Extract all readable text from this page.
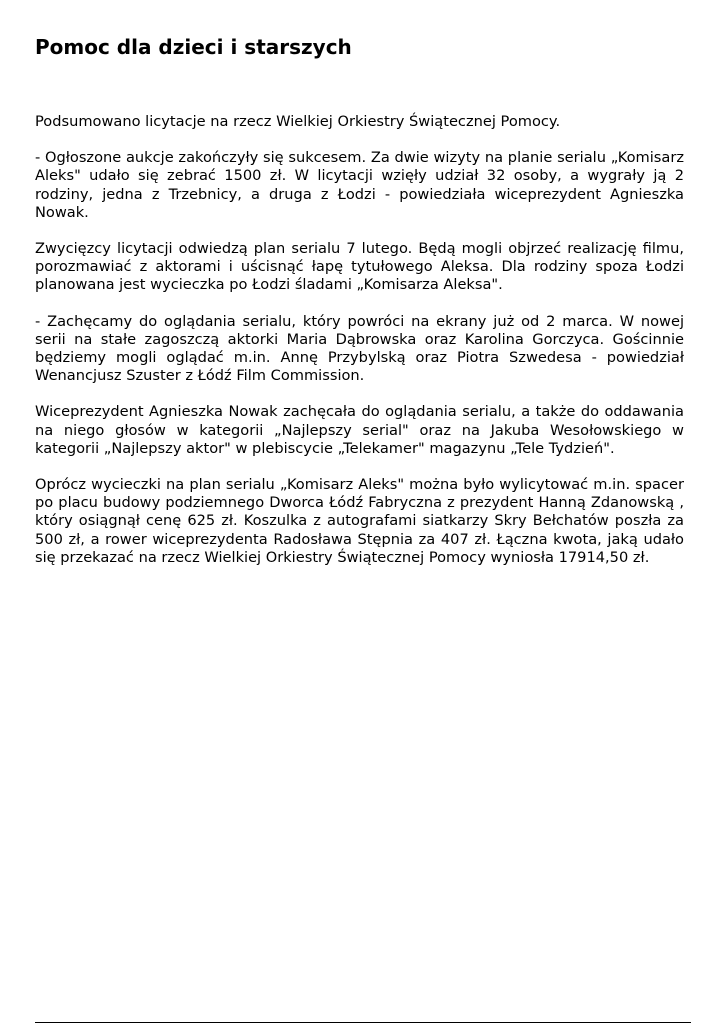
Pomoc dla dzieci i starszych

Podsumowano licytacje na rzecz Wielkiej Orkiestry Świątecznej Pomocy.

- Ogłoszone aukcje zakończyły się sukcesem. Za dwie wizyty na planie serialu „Komisarz Aleks" udało się zebrać 1500 zł. W licytacji wzięły udział 32 osoby, a wygrały ją 2 rodziny, jedna z Trzebnicy, a druga z Łodzi - powiedziała wiceprezydent Agnieszka Nowak.

Zwycięzcy licytacji odwiedzą plan serialu 7 lutego. Będą mogli objrzeć realizację filmu, porozmawiać z aktorami i uścisnąć łapę tytułowego Aleksa. Dla rodziny spoza Łodzi planowana jest wycieczka po Łodzi śladami „Komisarza Aleksa".

- Zachęcamy do oglądania serialu, który powróci na ekrany już od 2 marca. W nowej serii na stałe zagoszczą aktorki Maria Dąbrowska oraz Karolina Gorczyca. Gościnnie będziemy mogli oglądać m.in. Annę Przybylską oraz Piotra Szwedesa - powiedział Wenancjusz Szuster z Łódź Film Commission.

Wiceprezydent Agnieszka Nowak zachęcała do oglądania serialu, a także do oddawania na niego głosów w kategorii „Najlepszy serial" oraz na Jakuba Wesołowskiego w kategorii „Najlepszy aktor" w plebiscycie „Telekamer" magazynu „Tele Tydzień".

Oprócz wycieczki na plan serialu „Komisarz Aleks" można było wylicytować m.in. spacer po placu budowy podziemnego Dworca Łódź Fabryczna z prezydent Hanną Zdanowską , który osiągnął cenę 625 zł. Koszulka z autografami siatkarzy Skry Bełchatów poszła za 500 zł, a rower wiceprezydenta Radosława Stępnia za 407 zł. Łączna kwota, jaką udało się przekazać na rzecz Wielkiej Orkiestry Świątecznej Pomocy wyniosła 17914,50 zł.
